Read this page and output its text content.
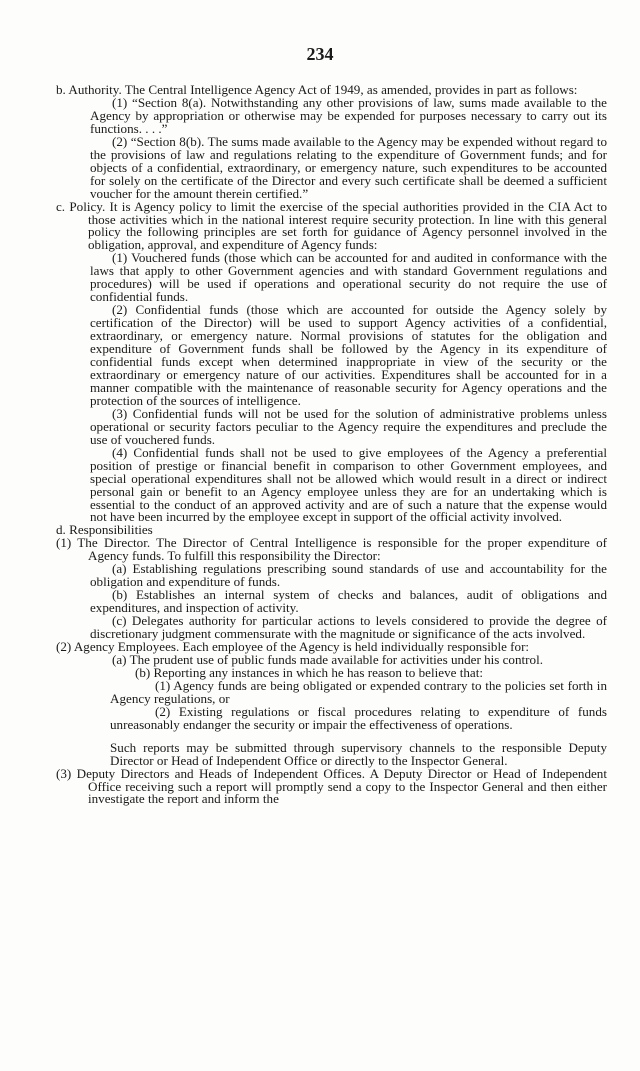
234

b. Authority. The Central Intelligence Agency Act of 1949, as amended, provides in part as follows:

(1) “Section 8(a). Notwithstanding any other provisions of law, sums made available to the Agency by appropriation or otherwise may be expended for purposes necessary to carry out its functions. . . .”

(2) “Section 8(b). The sums made available to the Agency may be expended without regard to the provisions of law and regulations relating to the expenditure of Government funds; and for objects of a confidential, extraordinary, or emergency nature, such expenditures to be accounted for solely on the certificate of the Director and every such certificate shall be deemed a sufficient voucher for the amount therein certified.”

c. Policy. It is Agency policy to limit the exercise of the special authorities provided in the CIA Act to those activities which in the national interest require security protection. In line with this general policy the following principles are set forth for guidance of Agency personnel involved in the obligation, approval, and expenditure of Agency funds:

(1) Vouchered funds (those which can be accounted for and audited in conformance with the laws that apply to other Government agencies and with standard Government regulations and procedures) will be used if operations and operational security do not require the use of confidential funds.

(2) Confidential funds (those which are accounted for outside the Agency solely by certification of the Director) will be used to support Agency activities of a confidential, extraordinary, or emergency nature. Normal provisions of statutes for the obligation and expenditure of Government funds shall be followed by the Agency in its expenditure of confidential funds except when determined inappropriate in view of the security or the extraordinary or emergency nature of our activities. Expenditures shall be accounted for in a manner compatible with the maintenance of reasonable security for Agency operations and the protection of the sources of intelligence.

(3) Confidential funds will not be used for the solution of administrative problems unless operational or security factors peculiar to the Agency require the expenditures and preclude the use of vouchered funds.

(4) Confidential funds shall not be used to give employees of the Agency a preferential position of prestige or financial benefit in comparison to other Government employees, and special operational expenditures shall not be allowed which would result in a direct or indirect personal gain or benefit to an Agency employee unless they are for an undertaking which is essential to the conduct of an approved activity and are of such a nature that the expense would not have been incurred by the employee except in support of the official activity involved.

d. Responsibilities

(1) The Director. The Director of Central Intelligence is responsible for the proper expenditure of Agency funds. To fulfill this responsibility the Director:

(a) Establishing regulations prescribing sound standards of use and accountability for the obligation and expenditure of funds.

(b) Establishes an internal system of checks and balances, audit of obligations and expenditures, and inspection of activity.

(c) Delegates authority for particular actions to levels considered to provide the degree of discretionary judgment commensurate with the magnitude or significance of the acts involved.

(2) Agency Employees. Each employee of the Agency is held individually responsible for:

(a) The prudent use of public funds made available for activities under his control.

(b) Reporting any instances in which he has reason to believe that:

(1) Agency funds are being obligated or expended contrary to the policies set forth in Agency regulations, or

(2) Existing regulations or fiscal procedures relating to expenditure of funds unreasonably endanger the security or impair the effectiveness of operations.

Such reports may be submitted through supervisory channels to the responsible Deputy Director or Head of Independent Office or directly to the Inspector General.

(3) Deputy Directors and Heads of Independent Offices. A Deputy Director or Head of Independent Office receiving such a report will promptly send a copy to the Inspector General and then either investigate the report and inform the
